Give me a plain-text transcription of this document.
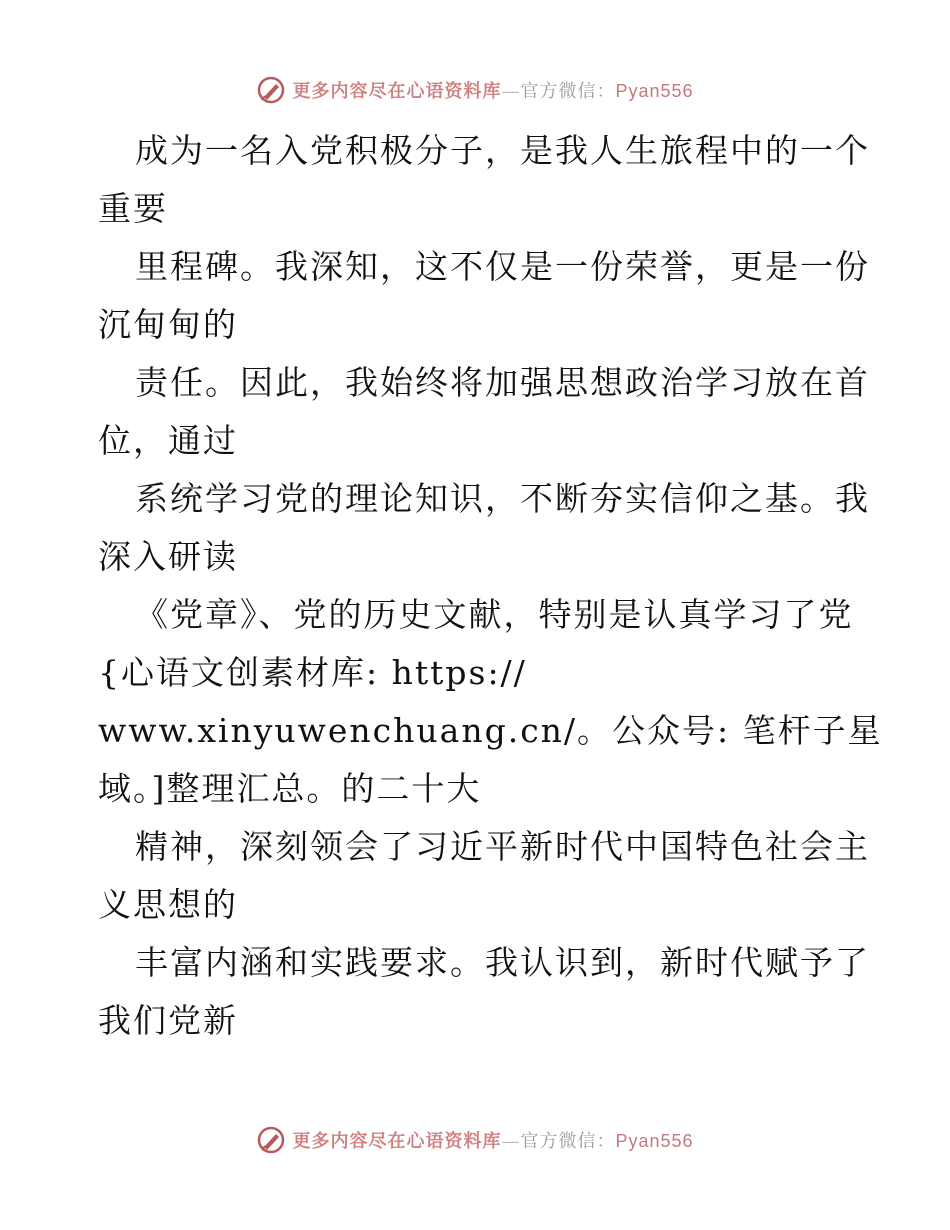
更多内容尽在心语资料库—官方微信：Pyan556
成为一名入党积极分子，是我人生旅程中的一个
重要
里程碑。我深知，这不仅是一份荣誉，更是一份
沉甸甸的
责任。因此，我始终将加强思想政治学习放在首
位，通过
系统学习党的理论知识，不断夯实信仰之基。我
深入研读
《党章》、党的历史文献，特别是认真学习了党
{心语文创素材库: https://
www.xinyuwenchuang.cn/。公众号: 笔杆子星
域。]整理汇总。的二十大
精神，深刻领会了习近平新时代中国特色社会主
义思想的
丰富内涵和实践要求。我认识到，新时代赋予了
我们党新
更多内容尽在心语资料库—官方微信：Pyan556
